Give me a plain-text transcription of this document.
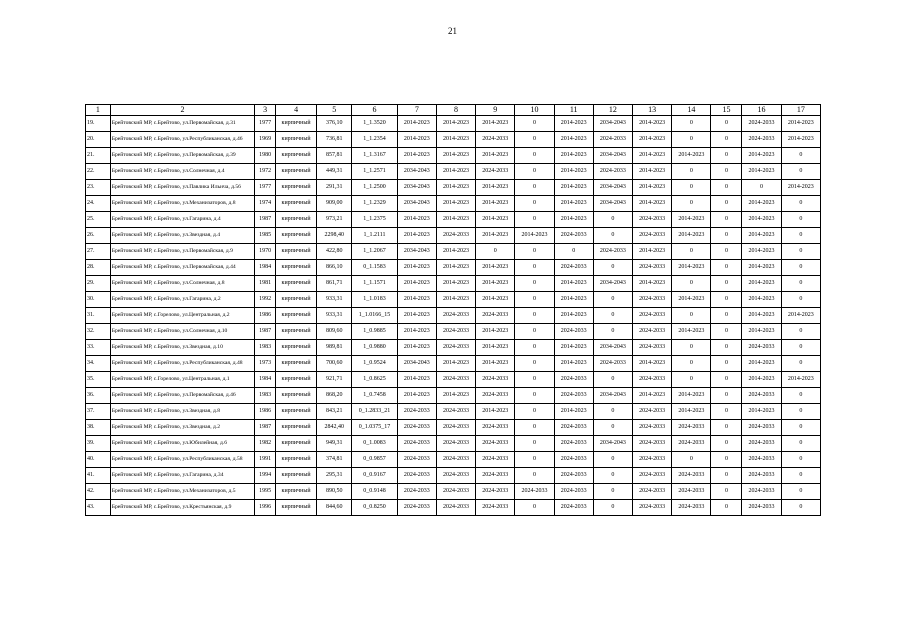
21
1	2	3	4	5	6	7	8	9	10	11	12	13	14	15	16	17
19.	Брейтовский МР, с.Брейтово, ул.Первомайская, д.31	1977	кирпичный	376,10	1_1.3520	2014-2023	2014-2023	2014-2023	0	2014-2023	2034-2043	2014-2023	0	0	2024-2033	2014-2023
20.	Брейтовский МР, с.Брейтово, ул.Республиканская, д.46	1969	кирпичный	736,81	1_1.2354	2014-2023	2014-2023	2024-2033	0	2014-2023	2024-2033	2014-2023	0	0	2024-2033	2014-2023
21.	Брейтовский МР, с.Брейтово, ул.Первомайская, д.39	1980	кирпичный	857,81	1_1.3167	2014-2023	2014-2023	2014-2023	0	2014-2023	2034-2043	2014-2023	2014-2023	0	2014-2023	0
22.	Брейтовский МР, с.Брейтово, ул.Солнечная, д.4	1972	кирпичный	449,31	1_1.2571	2034-2043	2014-2023	2024-2033	0	2014-2023	2024-2033	2014-2023	0	0	2014-2023	0
23.	Брейтовский МР, с.Брейтово, ул.Павлика Ильича, д.56	1977	кирпичный	291,31	1_1.2500	2034-2043	2014-2023	2014-2023	0	2014-2023	2034-2043	2014-2023	0	0	0	2014-2023
24.	Брейтовский МР, с.Брейтово, ул.Механизаторов, д.8	1974	кирпичный	909,00	1_1.2329	2034-2043	2014-2023	2014-2023	0	2014-2023	2034-2043	2014-2023	0	0	2014-2023	0
25.	Брейтовский МР, с.Брейтово, ул.Гагарина, д.4	1987	кирпичный	973,21	1_1.2375	2014-2023	2014-2023	2014-2023	0	2014-2023	0	2024-2033	2014-2023	0	2014-2023	0
26.	Брейтовский МР, с.Брейтово, ул.Звездная, д.4	1985	кирпичный	2298,40	1_1.2111	2014-2023	2024-2033	2014-2023	2014-2023	2024-2033	0	2024-2033	2014-2023	0	2014-2023	0
27.	Брейтовский МР, с.Брейтово, ул.Первомайская, д.9	1970	кирпичный	422,80	1_1.2067	2034-2043	2014-2023	0	0	0	2024-2033	2014-2023	0	0	2014-2023	0
28.	Брейтовский МР, с.Брейтово, ул.Первомайская, д.44	1984	кирпичный	866,10	0_1.1583	2014-2023	2014-2023	2014-2023	0	2024-2033	0	2024-2033	2014-2023	0	2014-2023	0
29.	Брейтовский МР, с.Брейтово, ул.Солнечная, д.8	1981	кирпичный	861,71	1_1.1571	2014-2023	2014-2023	2014-2023	0	2014-2023	2034-2043	2014-2023	0	0	2014-2023	0
30.	Брейтовский МР, с.Брейтово, ул.Гагарина, д.2	1992	кирпичный	933,31	1_1.0183	2014-2023	2014-2023	2014-2023	0	2014-2023	0	2024-2033	2014-2023	0	2014-2023	0
31.	Брейтовский МР, с.Горелово, ул.Центральная, д.2	1986	кирпичный	933,31	1_1.0166_15	2014-2023	2024-2033	2024-2033	0	2014-2023	0	2024-2033	0	0	2014-2023	2014-2023
32.	Брейтовский МР, с.Брейтово, ул.Солнечная, д.10	1987	кирпичный	809,60	1_0.9885	2014-2023	2024-2033	2014-2023	0	2024-2033	0	2024-2033	2014-2023	0	2014-2023	0
33.	Брейтовский МР, с.Брейтово, ул.Звездная, д.10	1983	кирпичный	989,81	1_0.9880	2014-2023	2024-2033	2014-2023	0	2014-2023	2034-2043	2024-2033	0	0	2024-2033	0
34.	Брейтовский МР, с.Брейтово, ул.Республиканская, д.48	1973	кирпичный	700,60	1_0.9524	2034-2043	2014-2023	2014-2023	0	2014-2023	2024-2033	2014-2023	0	0	2014-2023	0
35.	Брейтовский МР, с.Горелово, ул.Центральная, д.1	1984	кирпичный	921,71	1_0.8625	2014-2023	2024-2033	2024-2033	0	2024-2033	0	2024-2033	0	0	2014-2023	2014-2023
36.	Брейтовский МР, с.Брейтово, ул.Первомайская, д.46	1983	кирпичный	868,20	1_0.7458	2014-2023	2014-2023	2024-2033	0	2024-2033	2034-2043	2014-2023	2014-2023	0	2024-2033	0
37.	Брейтовский МР, с.Брейтово, ул.Звездная, д.8	1986	кирпичный	843,21	0_1.2833_21	2024-2033	2024-2033	2014-2023	0	2014-2023	0	2024-2033	2014-2023	0	2014-2023	0
38.	Брейтовский МР, с.Брейтово, ул.Звездная, д.2	1987	кирпичный	2842,40	0_1.0375_17	2024-2033	2024-2033	2024-2033	0	2024-2033	0	2024-2033	2024-2033	0	2024-2033	0
39.	Брейтовский МР, с.Брейтово, ул.Юбилейная, д.6	1982	кирпичный	949,31	0_1.0083	2024-2033	2024-2033	2024-2033	0	2024-2033	2034-2043	2024-2033	2024-2033	0	2024-2033	0
40.	Брейтовский МР, с.Брейтово, ул.Республиканская, д.58	1991	кирпичный	374,81	0_0.9857	2024-2033	2024-2033	2024-2033	0	2024-2033	0	2024-2033	0	0	2024-2033	0
41.	Брейтовский МР, с.Брейтово, ул.Гагарина, д.34	1994	кирпичный	295,31	0_0.9167	2024-2033	2024-2033	2024-2033	0	2024-2033	0	2024-2033	2024-2033	0	2024-2033	0
42.	Брейтовский МР, с.Брейтово, ул.Механизаторов, д.5	1995	кирпичный	890,50	0_0.9148	2024-2033	2024-2033	2024-2033	2024-2033	2024-2033	0	2024-2033	2024-2033	0	2024-2033	0
43.	Брейтовский МР, с.Брейтово, ул.Крестьянская, д.9	1996	кирпичный	844,60	0_0.8250	2024-2033	2024-2033	2024-2033	0	2024-2033	0	2024-2033	2024-2033	0	2024-2033	0
